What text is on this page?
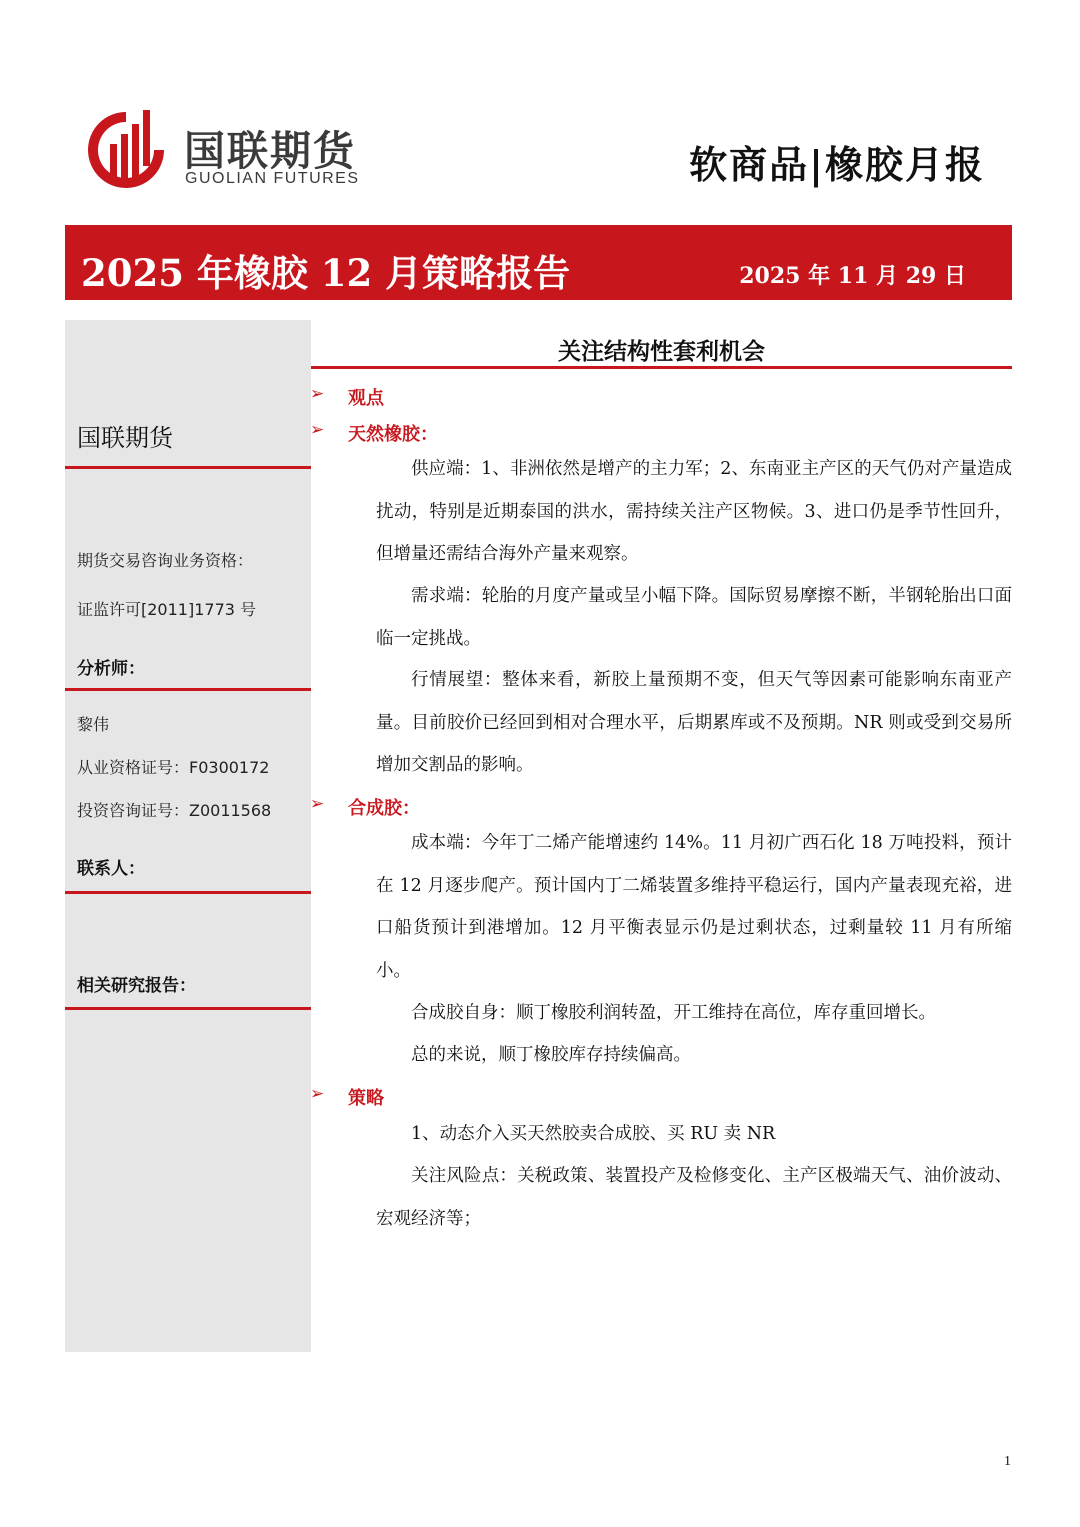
国联期货
GUOLIAN FUTURES	软商品|橡胶月报
2025 年橡胶 12 月策略报告	2025 年 11 月 29 日
国联期货
期货交易咨询业务资格：
证监许可[2011]1773 号
分析师：
黎伟
从业资格证号：F0300172
投资咨询证号：Z0011568
联系人：
相关研究报告：
关注结构性套利机会
➢ 观点
➢ 天然橡胶：

供应端：1、非洲依然是增产的主力军；2、东南亚主产区的天气仍对产量造成扰动，特别是近期泰国的洪水，需持续关注产区物候。3、进口仍是季节性回升，但增量还需结合海外产量来观察。

需求端：轮胎的月度产量或呈小幅下降。国际贸易摩擦不断，半钢轮胎出口面临一定挑战。

行情展望：整体来看，新胶上量预期不变，但天气等因素可能影响东南亚产量。目前胶价已经回到相对合理水平，后期累库或不及预期。NR 则或受到交易所增加交割品的影响。

➢ 合成胶：

成本端：今年丁二烯产能增速约 14%。11 月初广西石化 18 万吨投料，预计在 12 月逐步爬产。预计国内丁二烯装置多维持平稳运行，国内产量表现充裕，进口船货预计到港增加。12 月平衡表显示仍是过剩状态，过剩量较 11 月有所缩小。

合成胶自身：顺丁橡胶利润转盈，开工维持在高位，库存重回增长。

总的来说，顺丁橡胶库存持续偏高。

➢ 策略

1、动态介入买天然胶卖合成胶、买 RU 卖 NR

关注风险点：关税政策、装置投产及检修变化、主产区极端天气、油价波动、宏观经济等；

1
